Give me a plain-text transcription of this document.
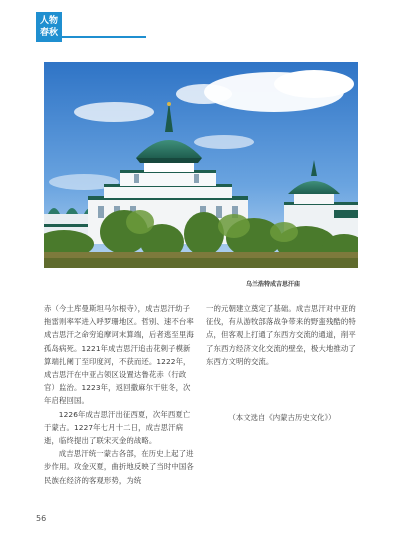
人物
春秋
乌兰浩特成吉思汗庙

赤（今土库曼斯坦马尔根寺），成吉思汗幼子拖雷则率军进入呼罗珊地区。哲别、速不台率成吉思汗之命穷追摩诃末算端，后者逃至里海孤岛病死。1221年成吉思汗追击花剌子模新算端扎阑丁至印度河，不获而还。1222年，成吉思汗在中亚占领区设置达鲁花赤（行政官）监治。1223年，返回撒麻尔干驻冬，次年启程回国。

1226年成吉思汗出征西夏，次年西夏亡于蒙古。1227年七月十二日，成吉思汗病逝，临终提出了联宋灭金的战略。

成吉思汗统一蒙古各部，在历史上起了进步作用。攻金灭夏，曲折地反映了当时中国各民族在经济的客观形势，为统

一的元朝建立奠定了基础。成吉思汗对中亚的征伐，有从游牧部落战争带来的野蛮残酷的特点，但客观上打通了东西方交流的通道，削平了东西方经济文化交流的壁垒，极大地推动了东西方文明的交流。

（本文选自《内蒙古历史文化》）
56
